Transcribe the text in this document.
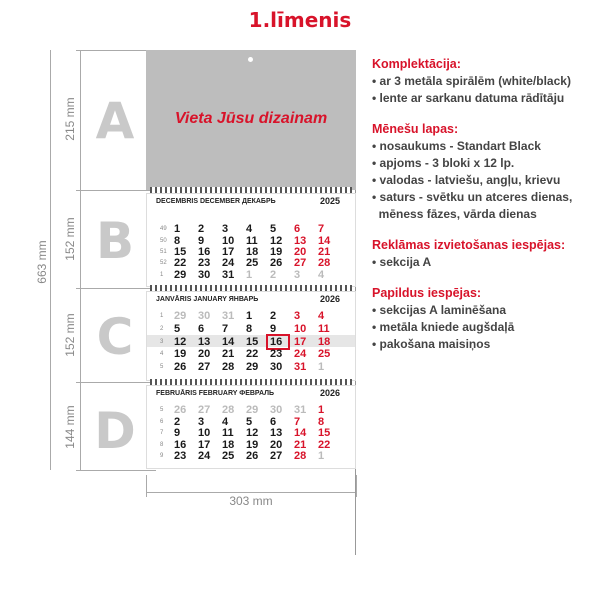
1.līmenis
663 mm
215 mm
152 mm
152 mm
144 mm
A
B
C
D
303 mm
Vieta Jūsu dizainam
DECEMBRIS DECEMBER ДЕКАБРЬ	2025
49 1 2 3 4 5 6 7
50 8 9 10 11 12 13 14
51 15 16 17 18 19 20 21
52 22 23 24 25 26 27 28
1 29 30 31 1 2 3 4
JANVĀRIS JANUARY ЯНВАРЬ	2026
1 29 30 31 1 2 3 4
2 5 6 7 8 9 10 11
3 12 13 14 15 16 17 18
4 19 20 21 22 23 24 25
5 26 27 28 29 30 31 1
FEBRUĀRIS FEBRUARY ФЕВРАЛЬ	2026
5 26 27 28 29 30 31 1
6 2 3 4 5 6 7 8
7 9 10 11 12 13 14 15
8 16 17 18 19 20 21 22
9 23 24 25 26 27 28 1
Komplektācija:
• ar 3 metāla spirālēm (white/black)
• lente ar sarkanu datuma rādītāju
Mēnešu lapas:
• nosaukums - Standart Black
• apjoms - 3 bloki x 12 lp.
• valodas - latviešu, angļu, krievu
• saturs - svētku un atceres dienas,
mēness fāzes, vārda dienas
Reklāmas izvietošanas iespējas:
• sekcija A
Papildus iespējas:
• sekcijas A laminēšana
• metāla kniede augšdaļā
• pakošana maisiņos
